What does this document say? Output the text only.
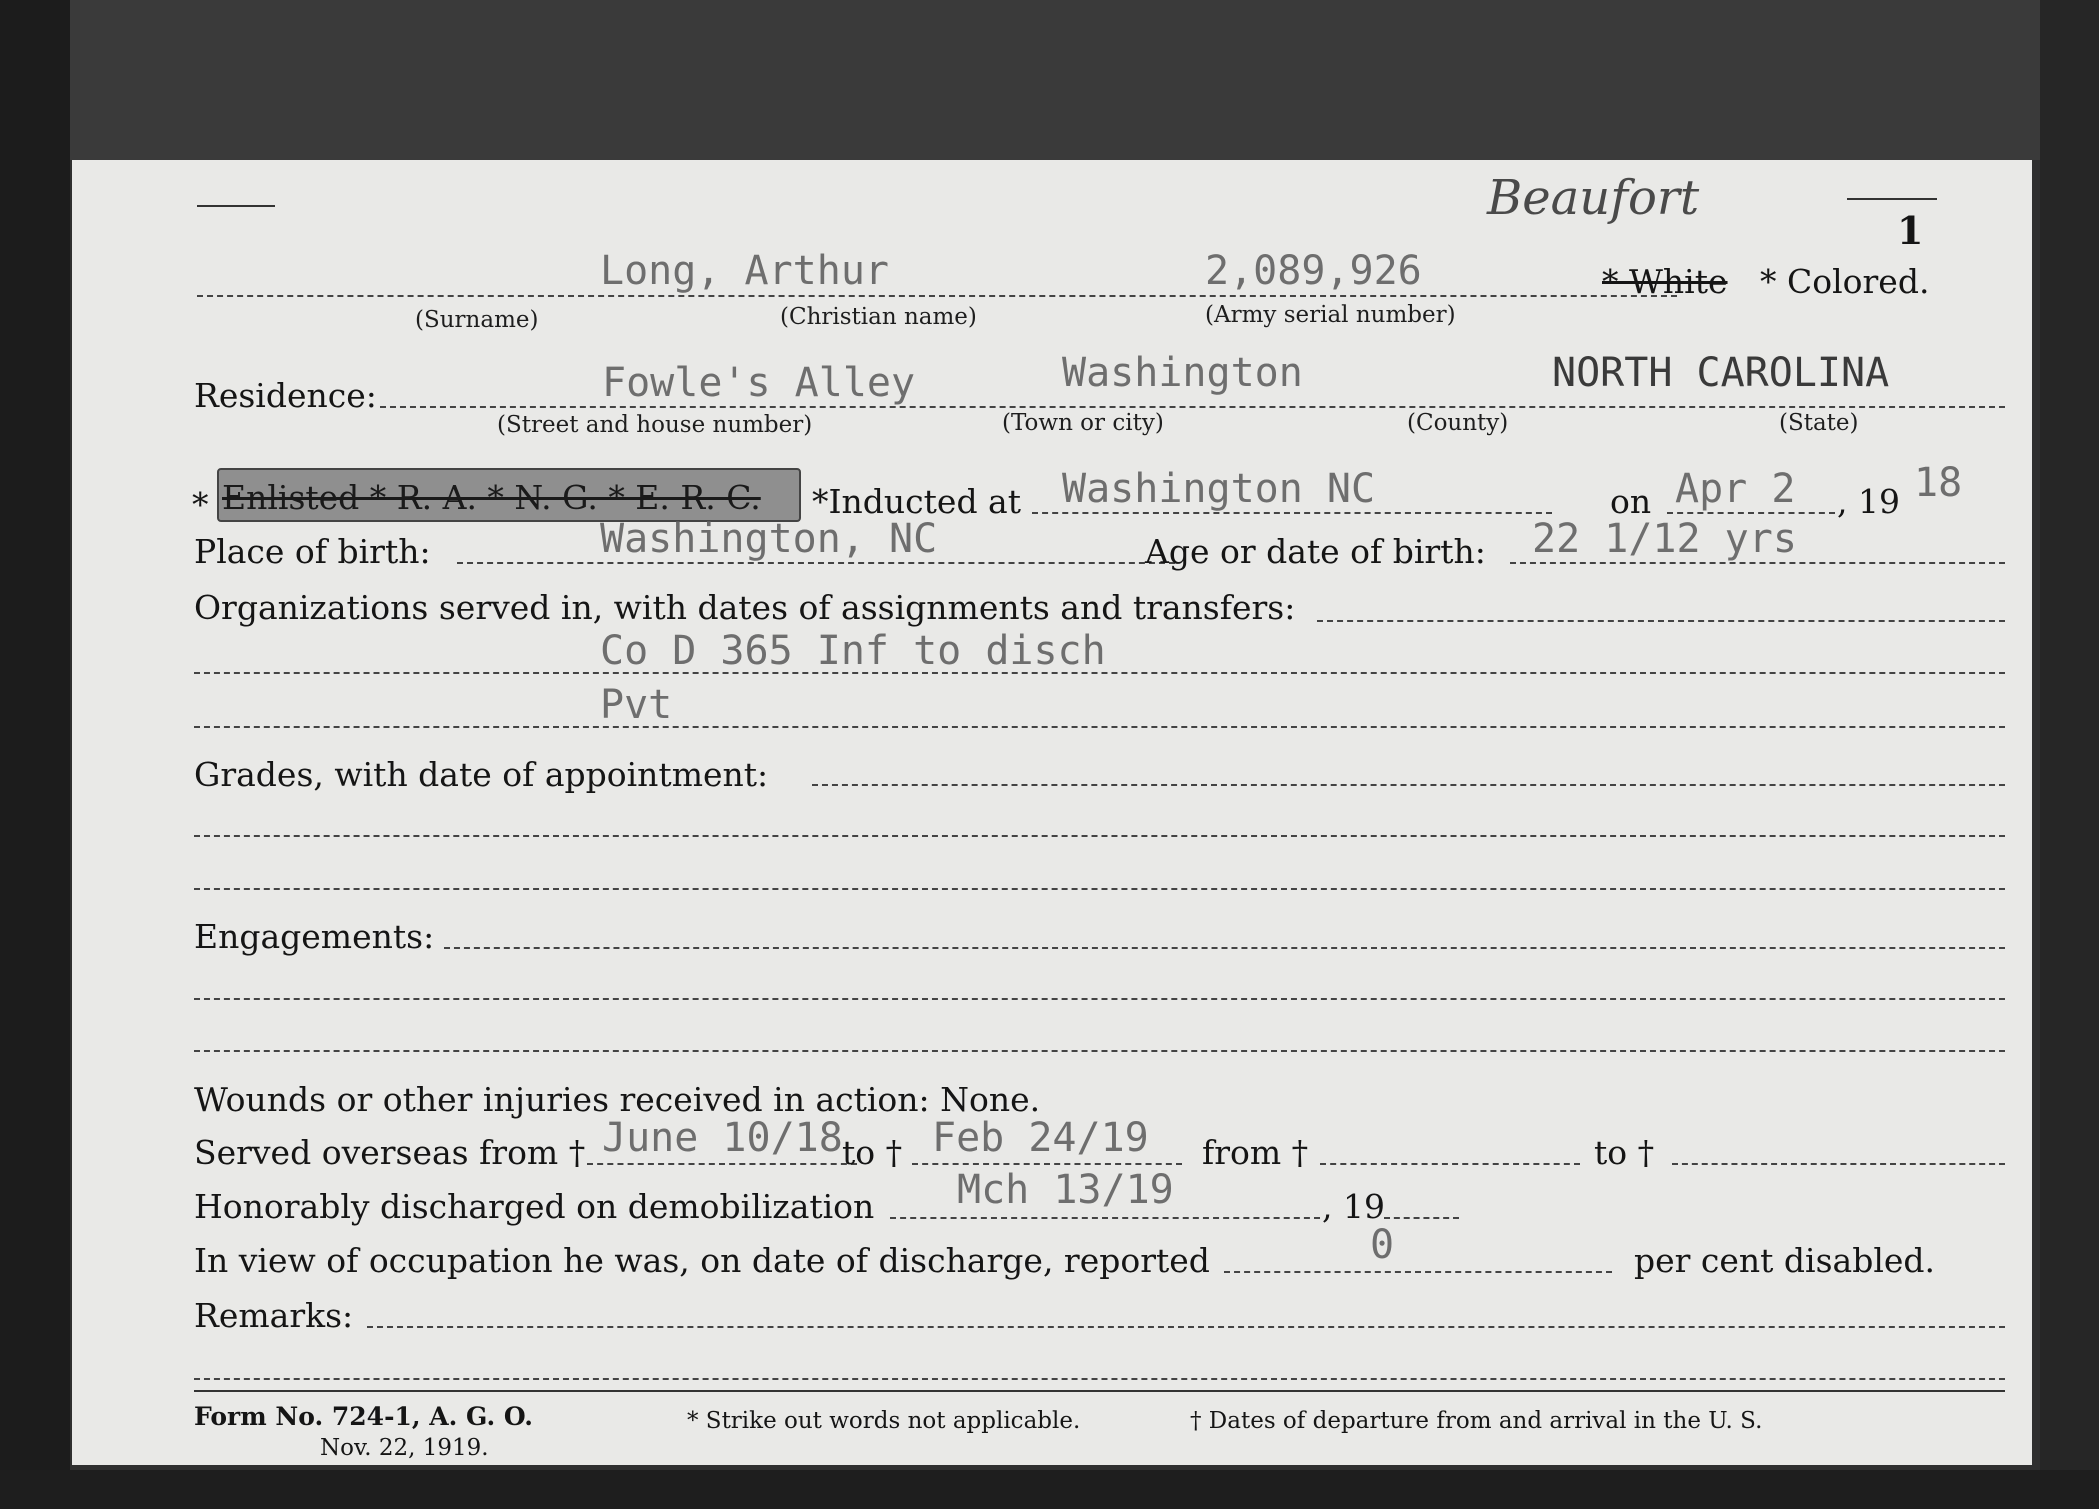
Beaufort
1
Long, Arthur	2,089,926	* White * Colored.
(Surname)	(Christian name)	(Army serial number)
Residence:	Fowle's Alley	Washington	NORTH CAROLINA
(Street and house number)	(Town or city)	(County)	(State)
* Enlisted * R. A. * N. G. * E. R. C. *Inducted at Washington NC	on Apr 2 , 19 18
Place of birth:	Washington, NC	Age or date of birth: 22 1/12 yrs
Organizations served in, with dates of assignments and transfers:
Co D 365 Inf to disch
Pvt
Grades, with date of appointment:
Engagements:
Wounds or other injuries received in action: None.
Served overseas from † June 10/18 to † Feb 24/19 from †	to †
Honorably discharged on demobilization Mch 13/19	, 19
In view of occupation he was, on date of discharge, reported	0	per cent disabled.
Remarks:
Form No. 724-1, A. G. O.
Nov. 22, 1919.
* Strike out words not applicable.	† Dates of departure from and arrival in the U. S.
